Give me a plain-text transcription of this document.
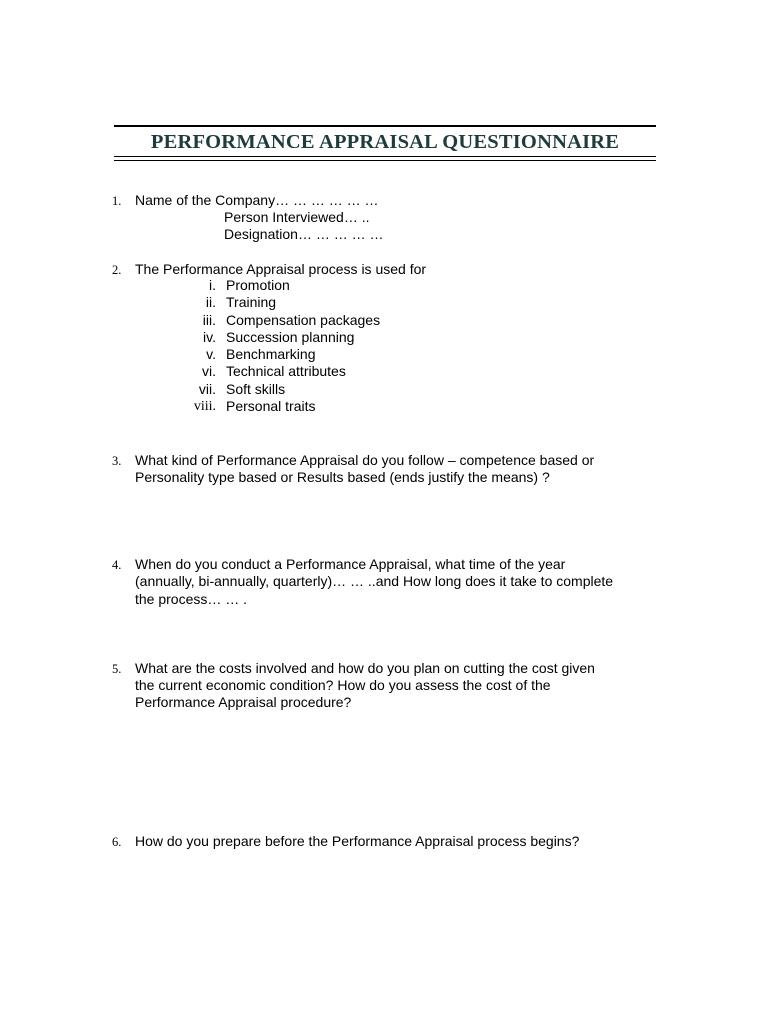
PERFORMANCE APPRAISAL QUESTIONNAIRE
1. Name of the Company… … … … … …
Person Interviewed… ..
Designation… … … … …
2. The Performance Appraisal process is used for
i. Promotion
ii. Training
iii. Compensation packages
iv. Succession planning
v. Benchmarking
vi. Technical attributes
vii. Soft skills
viii. Personal traits
3. What kind of Performance Appraisal do you follow – competence based or
Personality type based or Results based (ends justify the means) ?
4. When do you conduct a Performance Appraisal, what time of the year
(annually, bi-annually, quarterly)… … ..and How long does it take to complete
the process… … .
5. What are the costs involved and how do you plan on cutting the cost given
the current economic condition? How do you assess the cost of the
Performance Appraisal procedure?
6. How do you prepare before the Performance Appraisal process begins?
